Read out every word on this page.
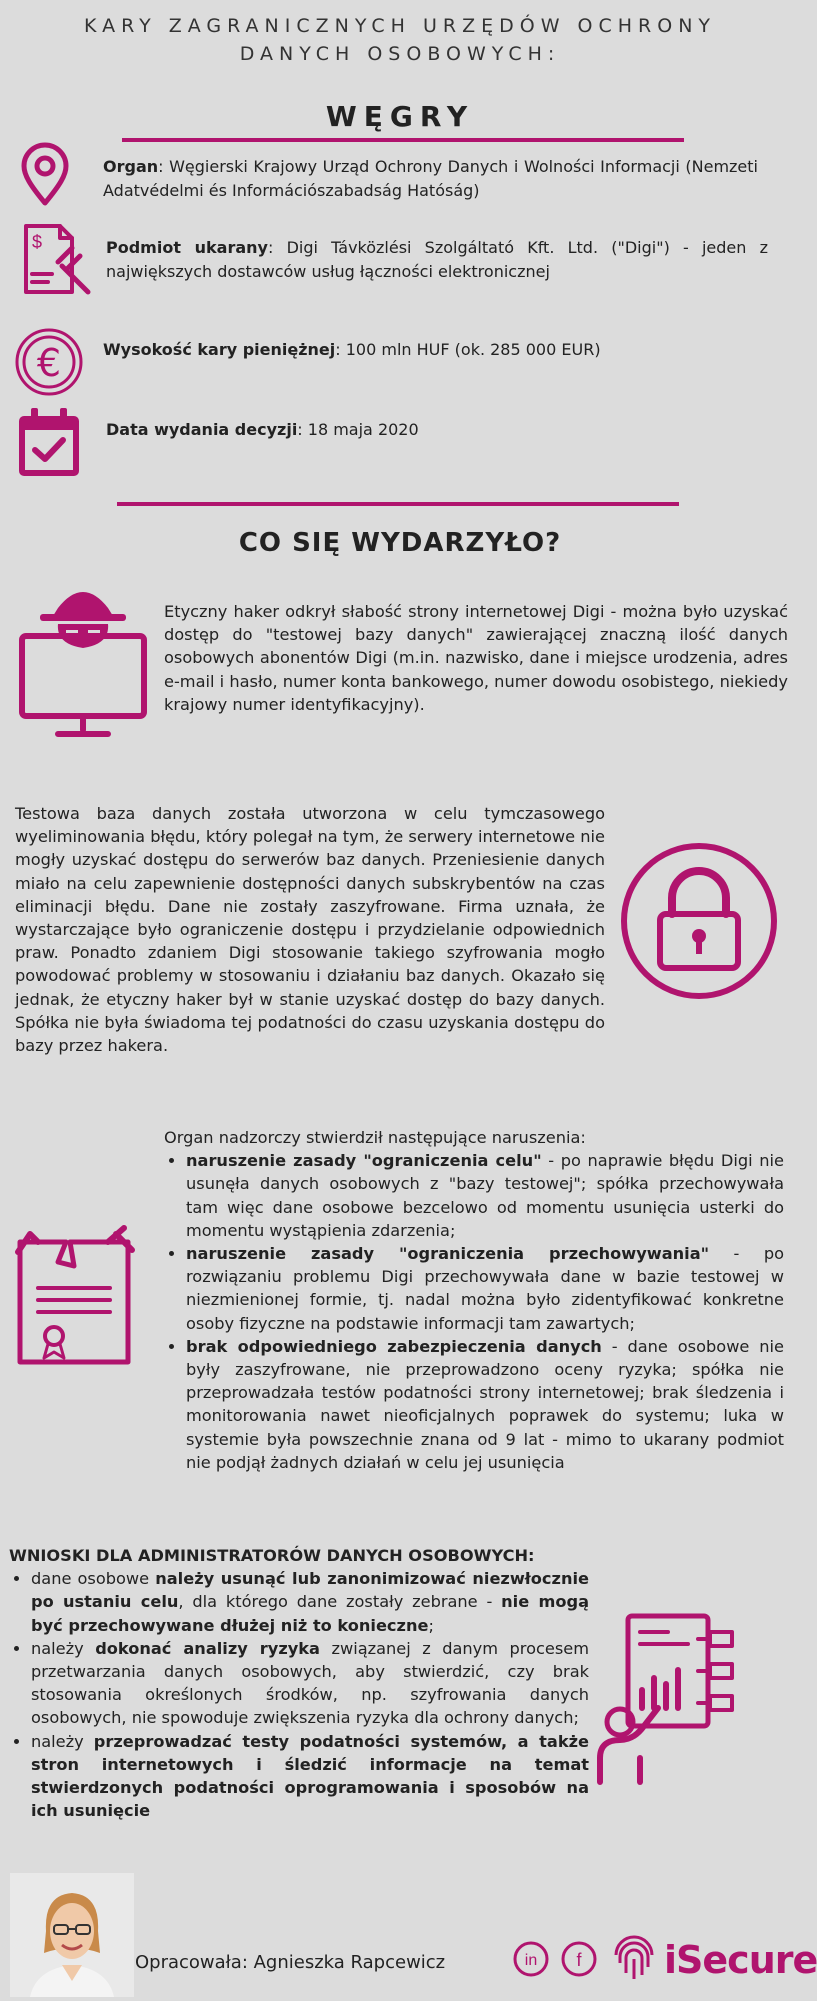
KARY ZAGRANICZNYCH URZĘDÓW OCHRONY
DANYCH OSOBOWYCH:
WĘGRY
Organ: Węgierski Krajowy Urząd Ochrony Danych i Wolności Informacji (Nemzeti Adatvédelmi és Információszabadság Hatóság)
$	Podmiot ukarany: Digi Távközlési Szolgáltató Kft. Ltd. ("Digi") - jeden z największych dostawców usług łączności elektronicznej
€	Wysokość kary pieniężnej: 100 mln HUF (ok. 285 000 EUR)
Data wydania decyzji: 18 maja 2020
CO SIĘ WYDARZYŁO?
Etyczny haker odkrył słabość strony internetowej Digi - można było uzyskać dostęp do "testowej bazy danych" zawierającej znaczną ilość danych osobowych abonentów Digi (m.in. nazwisko, dane i miejsce urodzenia, adres e-mail i hasło, numer konta bankowego, numer dowodu osobistego, niekiedy krajowy numer identyfikacyjny).
Testowa baza danych została utworzona w celu tymczasowego wyeliminowania błędu, który polegał na tym, że serwery internetowe nie mogły uzyskać dostępu do serwerów baz danych. Przeniesienie danych miało na celu zapewnienie dostępności danych subskrybentów na czas eliminacji błędu. Dane nie zostały zaszyfrowane. Firma uznała, że wystarczające było ograniczenie dostępu i przydzielanie odpowiednich praw. Ponadto zdaniem Digi stosowanie takiego szyfrowania mogło powodować problemy w stosowaniu i działaniu baz danych. Okazało się jednak, że etyczny haker był w stanie uzyskać dostęp do bazy danych. Spółka nie była świadoma tej podatności do czasu uzyskania dostępu do bazy przez hakera.
Organ nadzorczy stwierdził następujące naruszenia:
• naruszenie zasady "ograniczenia celu" - po naprawie błędu Digi nie usunęła danych osobowych z "bazy testowej"; spółka przechowywała tam więc dane osobowe bezcelowo od momentu usunięcia usterki do momentu wystąpienia zdarzenia;
• naruszenie zasady "ograniczenia przechowywania" - po rozwiązaniu problemu Digi przechowywała dane w bazie testowej w niezmienionej formie, tj. nadal można było zidentyfikować konkretne osoby fizyczne na podstawie informacji tam zawartych;
• brak odpowiedniego zabezpieczenia danych - dane osobowe nie były zaszyfrowane, nie przeprowadzono oceny ryzyka; spółka nie przeprowadzała testów podatności strony internetowej; brak śledzenia i monitorowania nawet nieoficjalnych poprawek do systemu; luka w systemie była powszechnie znana od 9 lat - mimo to ukarany podmiot nie podjął żadnych działań w celu jej usunięcia
WNIOSKI DLA ADMINISTRATORÓW DANYCH OSOBOWYCH:
• dane osobowe należy usunąć lub zanonimizować niezwłocznie po ustaniu celu, dla którego dane zostały zebrane - nie mogą być przechowywane dłużej niż to konieczne;
• należy dokonać analizy ryzyka związanej z danym procesem przetwarzania danych osobowych, aby stwierdzić, czy brak stosowania określonych środków, np. szyfrowania danych osobowych, nie spowoduje zwiększenia ryzyka dla ochrony danych;
• należy przeprowadzać testy podatności systemów, a także stron internetowych i śledzić informacje na temat stwierdzonych podatności oprogramowania i sposobów na ich usunięcie
Opracowała: Agnieszka Rapcewicz	in f iSecure
